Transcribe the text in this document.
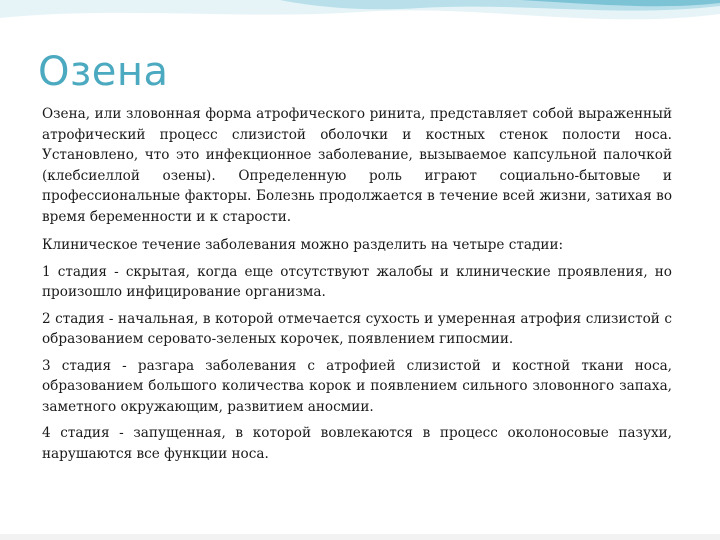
Озена

Озена, или зловонная форма атрофического ринита, представляет собой выраженный атрофический процесс слизистой оболочки и костных стенок полости носа. Установлено, что это инфекционное заболевание, вызываемое капсульной палочкой (клебсиеллой озены). Определенную роль играют социально-бытовые и профессиональные факторы. Болезнь продолжается в течение всей жизни, затихая во время беременности и к старости.

Клиническое течение заболевания можно разделить на четыре стадии:

1 стадия - скрытая, когда еще отсутствуют жалобы и клинические проявления, но произошло инфицирование организма.

2 стадия - начальная, в которой отмечается сухость и умеренная атрофия слизистой с образованием серовато-зеленых корочек, появлением гипосмии.

3 стадия - разгара заболевания с атрофией слизистой и костной ткани носа, образованием большого количества корок и появлением сильного зловонного запаха, заметного окружающим, развитием аносмии.

4 стадия - запущенная, в которой вовлекаются в процесс околоносовые пазухи, нарушаются все функции носа.
